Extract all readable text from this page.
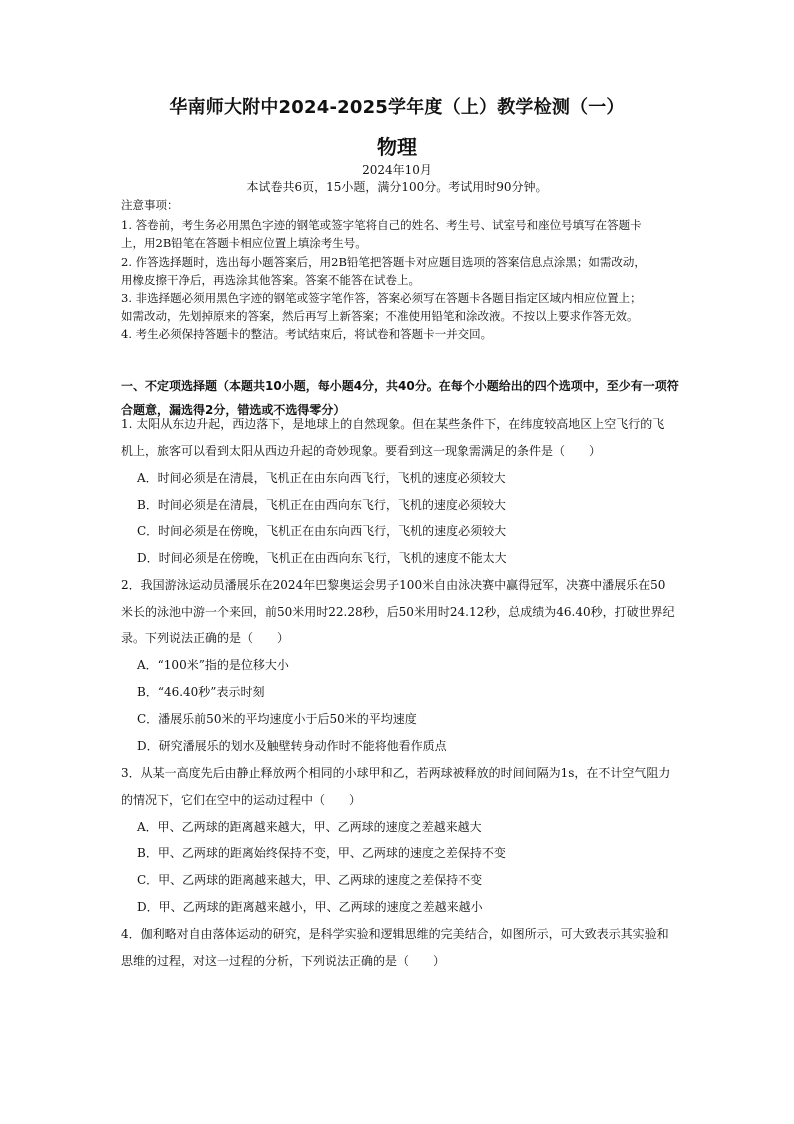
华南师大附中2024-2025学年度（上）教学检测（一）
物理
2024年10月
本试卷共6页，15小题，满分100分。考试用时90分钟。
注意事项：
1. 答卷前，考生务必用黑色字迹的钢笔或签字笔将自己的姓名、考生号、试室号和座位号填写在答题卡
上，用2B铅笔在答题卡相应位置上填涂考生号。
2. 作答选择题时，选出每小题答案后，用2B铅笔把答题卡对应题目选项的答案信息点涂黑；如需改动，
用橡皮擦干净后，再选涂其他答案。答案不能答在试卷上。
3. 非选择题必须用黑色字迹的钢笔或签字笔作答，答案必须写在答题卡各题目指定区域内相应位置上；
如需改动，先划掉原来的答案，然后再写上新答案；不准使用铅笔和涂改液。不按以上要求作答无效。
4. 考生必须保持答题卡的整洁。考试结束后，将试卷和答题卡一并交回。
一、不定项选择题（本题共10小题，每小题4分，共40分。在每个小题给出的四个选项中，至少有一项符合题意，漏选得2分，错选或不选得零分）
1. 太阳从东边升起，西边落下，是地球上的自然现象。但在某些条件下，在纬度较高地区上空飞行的飞
机上，旅客可以看到太阳从西边升起的奇妙现象。要看到这一现象需满足的条件是（　　）
A．时间必须是在清晨，飞机正在由东向西飞行，飞机的速度必须较大
B．时间必须是在清晨，飞机正在由西向东飞行，飞机的速度必须较大
C．时间必须是在傍晚，飞机正在由东向西飞行，飞机的速度必须较大
D．时间必须是在傍晚，飞机正在由西向东飞行，飞机的速度不能太大
2．我国游泳运动员潘展乐在2024年巴黎奥运会男子100米自由泳决赛中赢得冠军，决赛中潘展乐在50
米长的泳池中游一个来回，前50米用时22.28秒，后50米用时24.12秒，总成绩为46.40秒，打破世界纪
录。下列说法正确的是（　　）
A．“100米”指的是位移大小
B．“46.40秒”表示时刻
C．潘展乐前50米的平均速度小于后50米的平均速度
D．研究潘展乐的划水及触壁转身动作时不能将他看作质点
3．从某一高度先后由静止释放两个相同的小球甲和乙，若两球被释放的时间间隔为1s，在不计空气阻力
的情况下，它们在空中的运动过程中（　　）
A．甲、乙两球的距离越来越大，甲、乙两球的速度之差越来越大
B．甲、乙两球的距离始终保持不变，甲、乙两球的速度之差保持不变
C．甲、乙两球的距离越来越大，甲、乙两球的速度之差保持不变
D．甲、乙两球的距离越来越小，甲、乙两球的速度之差越来越小
4．伽利略对自由落体运动的研究，是科学实验和逻辑思维的完美结合，如图所示，可大致表示其实验和
思维的过程，对这一过程的分析，下列说法正确的是（　　）
